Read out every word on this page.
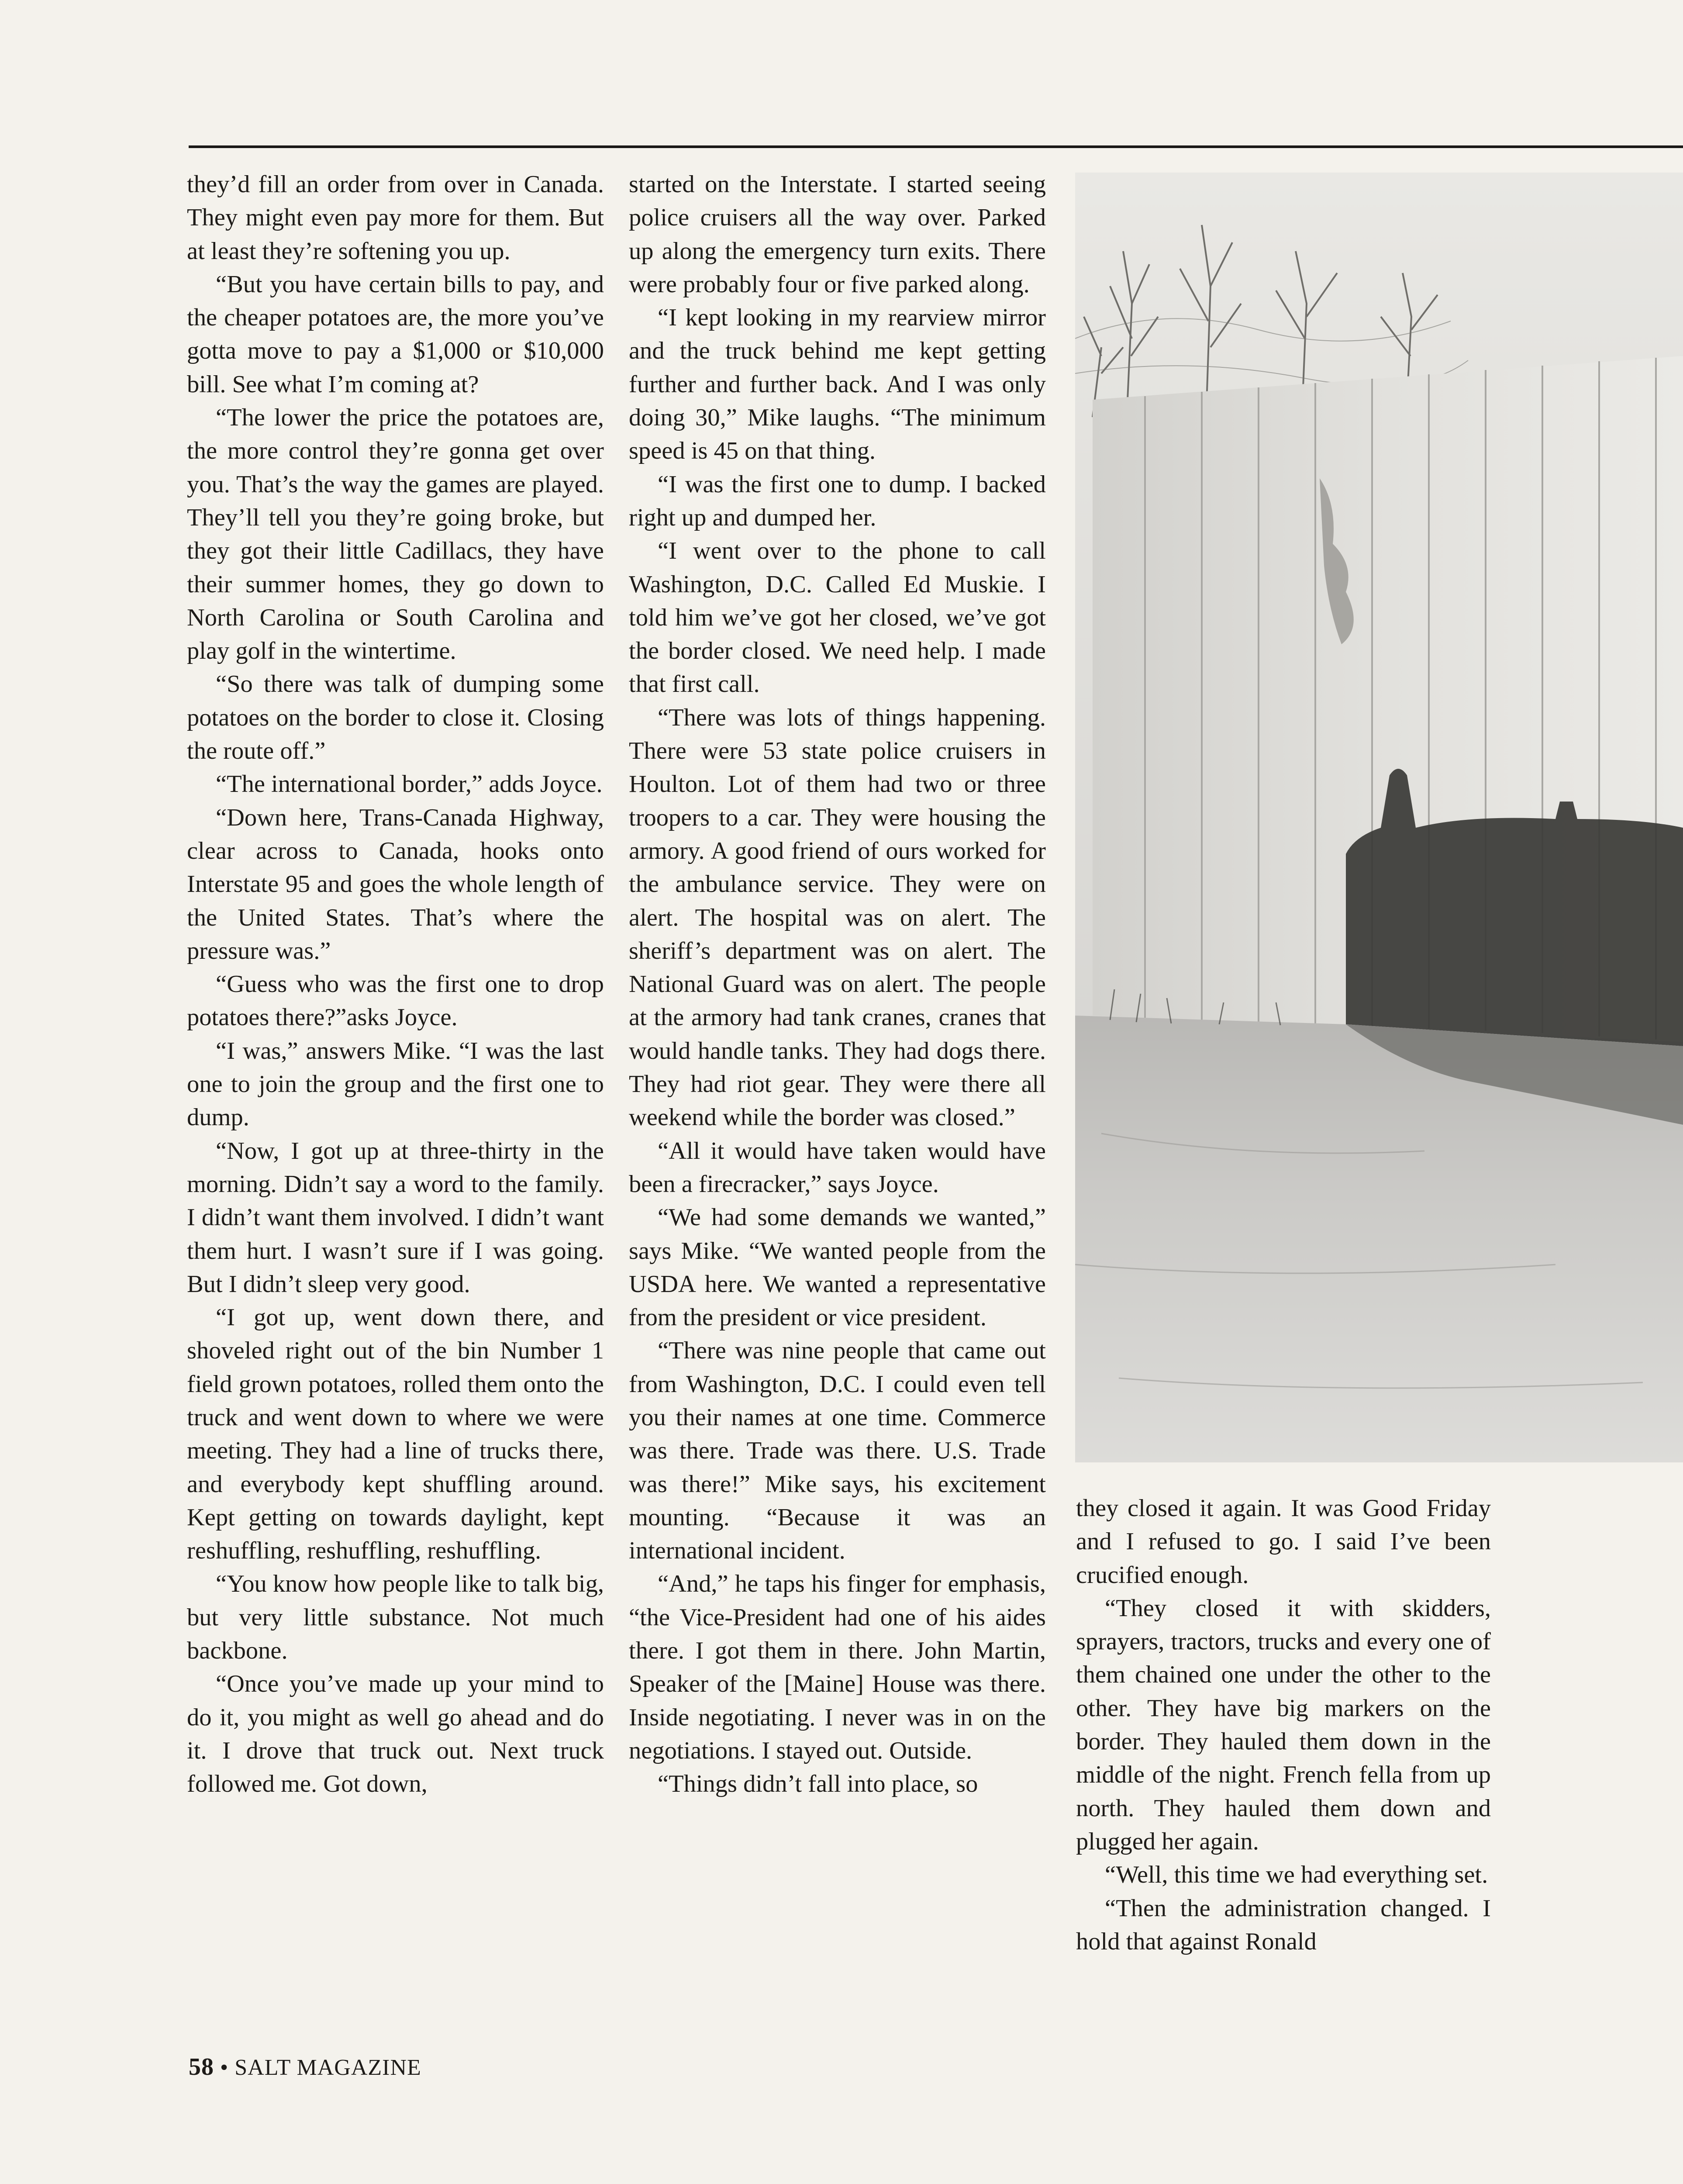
they’d fill an order from over in Canada. They might even pay more for them. But at least they’re softening you up.

“But you have certain bills to pay, and the cheaper potatoes are, the more you’ve gotta move to pay a $1,000 or $10,000 bill. See what I’m coming at?

“The lower the price the potatoes are, the more control they’re gonna get over you. That’s the way the games are played. They’ll tell you they’re going broke, but they got their little Cadillacs, they have their summer homes, they go down to North Carolina or South Carolina and play golf in the wintertime.

“So there was talk of dumping some potatoes on the border to close it. Closing the route off.”

“The international border,” adds Joyce.

“Down here, Trans-Canada Highway, clear across to Canada, hooks onto Interstate 95 and goes the whole length of the United States. That’s where the pressure was.”

“Guess who was the first one to drop potatoes there?”asks Joyce.

“I was,” answers Mike. “I was the last one to join the group and the first one to dump.

“Now, I got up at three-thirty in the morning. Didn’t say a word to the family. I didn’t want them involved. I didn’t want them hurt. I wasn’t sure if I was going. But I didn’t sleep very good.

“I got up, went down there, and shoveled right out of the bin Number 1 field grown potatoes, rolled them onto the truck and went down to where we were meeting. They had a line of trucks there, and everybody kept shuffling around. Kept getting on towards daylight, kept reshuffling, reshuffling, reshuffling.

“You know how people like to talk big, but very little substance. Not much backbone.

“Once you’ve made up your mind to do it, you might as well go ahead and do it. I drove that truck out. Next truck followed me. Got down,

started on the Interstate. I started seeing police cruisers all the way over. Parked up along the emergency turn exits. There were probably four or five parked along.

“I kept looking in my rearview mirror and the truck behind me kept getting further and further back. And I was only doing 30,” Mike laughs. “The minimum speed is 45 on that thing.

“I was the first one to dump. I backed right up and dumped her.

“I went over to the phone to call Washington, D.C. Called Ed Muskie. I told him we’ve got her closed, we’ve got the border closed. We need help. I made that first call.

“There was lots of things happening. There were 53 state police cruisers in Houlton. Lot of them had two or three troopers to a car. They were housing the armory. A good friend of ours worked for the ambulance service. They were on alert. The hospital was on alert. The sheriff’s department was on alert. The National Guard was on alert. The people at the armory had tank cranes, cranes that would handle tanks. They had dogs there. They had riot gear. They were there all weekend while the border was closed.”

“All it would have taken would have been a firecracker,” says Joyce.

“We had some demands we wanted,” says Mike. “We wanted people from the USDA here. We wanted a representative from the president or vice president.

“There was nine people that came out from Washington, D.C. I could even tell you their names at one time. Commerce was there. Trade was there. U.S. Trade was there!” Mike says, his excitement mounting. “Because it was an international incident.

“And,” he taps his finger for emphasis, “the Vice-President had one of his aides there. I got them in there. John Martin, Speaker of the [Maine] House was there. Inside negotiating. I never was in on the negotiations. I stayed out. Outside.

“Things didn’t fall into place, so

they closed it again. It was Good Friday and I refused to go. I said I’ve been crucified enough.

“They closed it with skidders, sprayers, tractors, trucks and every one of them chained one under the other to the other. They have big markers on the border. They hauled them down in the middle of the night. French fella from up north. They hauled them down and plugged her again.

“Well, this time we had everything set.

“Then the administration changed. I hold that against Ronald

58 • SALT MAGAZINE
